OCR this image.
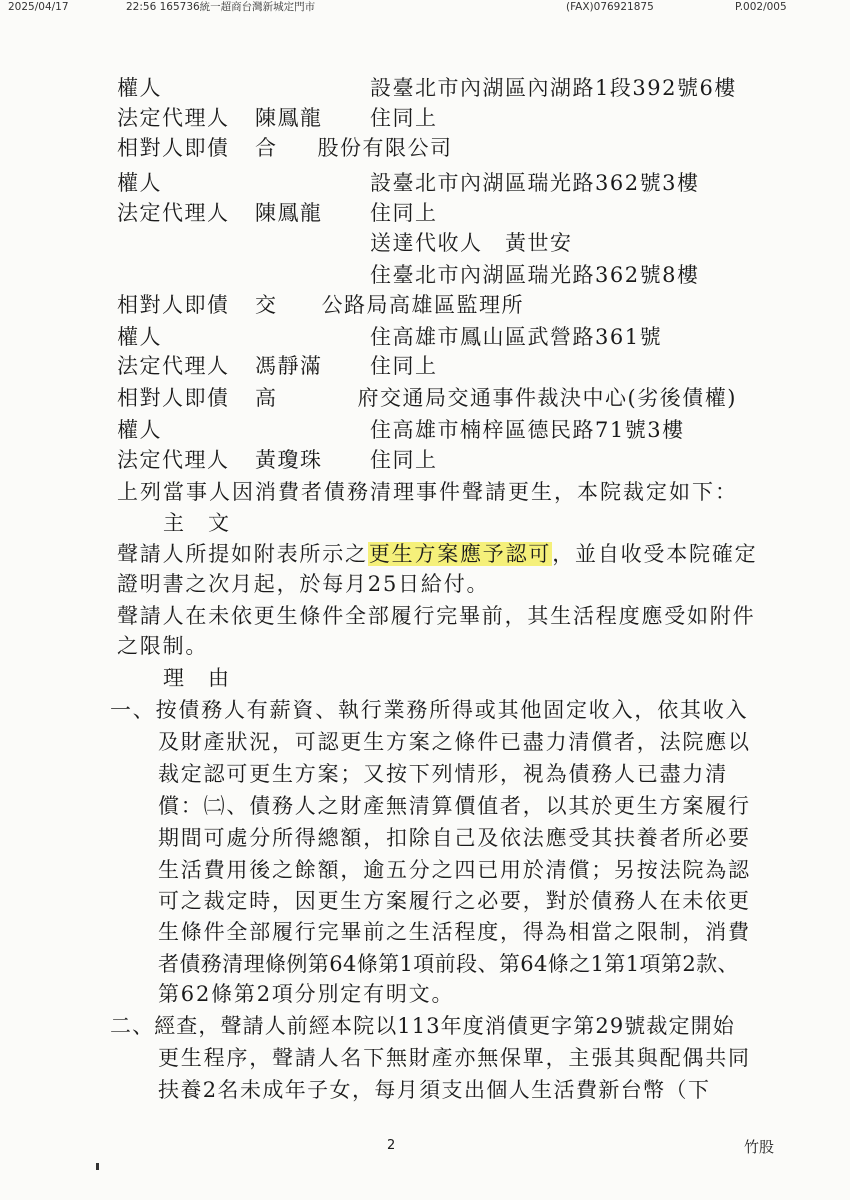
2025/04/17	22:56 165736統一超商台灣新城定門市	(FAX)076921875	P.002/005
權人	設臺北市內湖區內湖路1段392號6樓
法定代理人 陳鳳龍 住同上
相對人即債 合 股份有限公司
權人	設臺北市內湖區瑞光路362號3樓
法定代理人 陳鳳龍 住同上
送達代收人　黃世安
住臺北市內湖區瑞光路362號8樓
相對人即債 交 公路局高雄區監理所
權人	住高雄市鳳山區武營路361號
法定代理人 馮靜滿 住同上
相對人即債 高	府交通局交通事件裁決中心(劣後債權)
權人	住高雄市楠梓區德民路71號3樓
法定代理人 黃瓊珠 住同上
上列當事人因消費者債務清理事件聲請更生，本院裁定如下：
主　文
聲請人所提如附表所示之更生方案應予認可，並自收受本院確定
證明書之次月起，於每月25日給付。
聲請人在未依更生條件全部履行完畢前，其生活程度應受如附件
之限制。
理　由
一、按債務人有薪資、執行業務所得或其他固定收入，依其收入
及財產狀況，可認更生方案之條件已盡力清償者，法院應以
裁定認可更生方案；又按下列情形，視為債務人已盡力清
償：㈡、債務人之財產無清算價值者，以其於更生方案履行
期間可處分所得總額，扣除自己及依法應受其扶養者所必要
生活費用後之餘額，逾五分之四已用於清償；另按法院為認
可之裁定時，因更生方案履行之必要，對於債務人在未依更
生條件全部履行完畢前之生活程度，得為相當之限制，消費
者債務清理條例第64條第1項前段、第64條之1第1項第2款、
第62條第2項分別定有明文。
二、經查，聲請人前經本院以113年度消債更字第29號裁定開始
更生程序，聲請人名下無財產亦無保單，主張其與配偶共同
扶養2名未成年子女，每月須支出個人生活費新台幣（下
2	竹股
